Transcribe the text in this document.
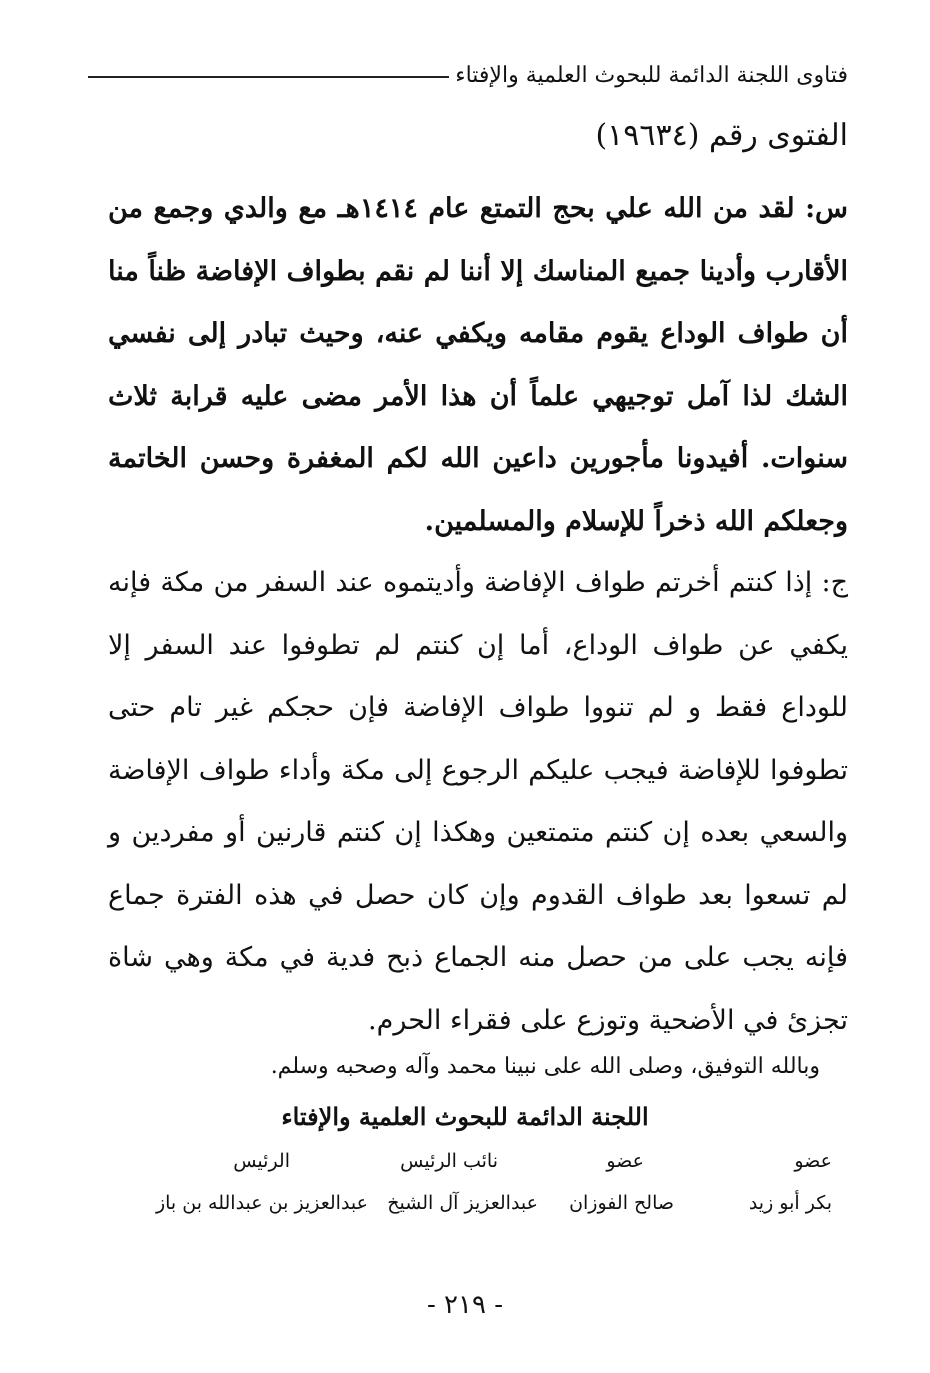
فتاوى اللجنة الدائمة للبحوث العلمية والإفتاء
الفتوى رقم (١٩٦٣٤)
س: لقد من الله علي بحج التمتع عام ١٤١٤هـ مع والدي وجمع من الأقارب وأدينا جميع المناسك إلا أننا لم نقم بطواف الإفاضة ظناً منا أن طواف الوداع يقوم مقامه ويكفي عنه، وحيث تبادر إلى نفسي الشك لذا آمل توجيهي علماً أن هذا الأمر مضى عليه قرابة ثلاث سنوات. أفيدونا مأجورين داعين الله لكم المغفرة وحسن الخاتمة وجعلكم الله ذخراً للإسلام والمسلمين.
ج: إذا كنتم أخرتم طواف الإفاضة وأديتموه عند السفر من مكة فإنه يكفي عن طواف الوداع، أما إن كنتم لم تطوفوا عند السفر إلا للوداع فقط و لم تنووا طواف الإفاضة فإن حجكم غير تام حتى تطوفوا للإفاضة فيجب عليكم الرجوع إلى مكة وأداء طواف الإفاضة والسعي بعده إن كنتم متمتعين وهكذا إن كنتم قارنين أو مفردين و لم تسعوا بعد طواف القدوم وإن كان حصل في هذه الفترة جماع فإنه يجب على من حصل منه الجماع ذبح فدية في مكة وهي شاة تجزئ في الأضحية وتوزع على فقراء الحرم.
وبالله التوفيق، وصلى الله على نبينا محمد وآله وصحبه وسلم.
اللجنة الدائمة للبحوث العلمية والإفتاء
عضو
بكر أبو زيد
عضو
صالح الفوزان
نائب الرئيس
عبدالعزيز آل الشيخ
الرئيس
عبدالعزيز بن عبدالله بن باز
- ٢١٩ -
